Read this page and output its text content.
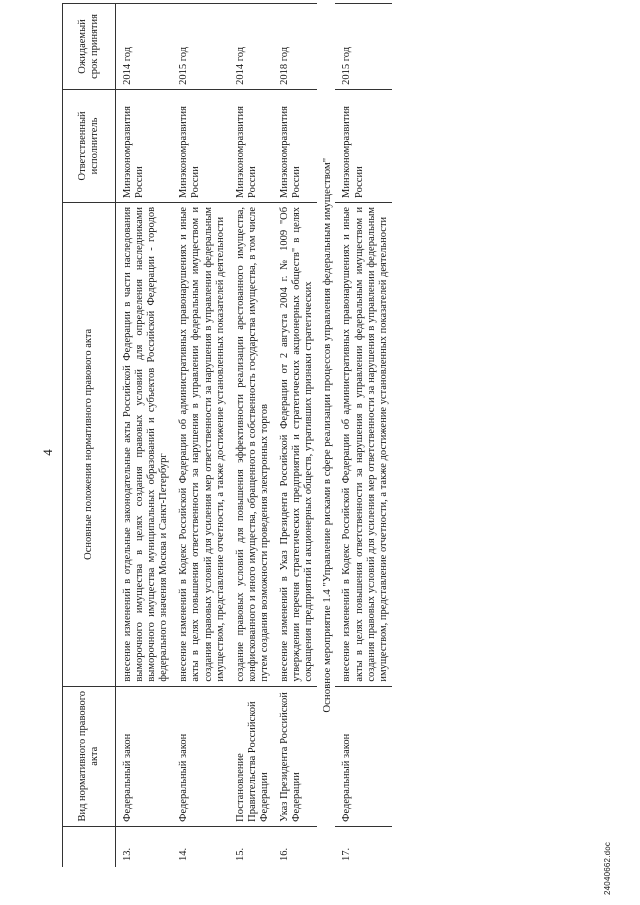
4
	Вид нормативного правового акта	Основные положения нормативного правового акта	Ответственный исполнитель	Ожидаемый срок принятия
13.	Федеральный закон	внесение изменений в отдельные законодательные акты Российской Федерации в части наследования выморочного имущества в целях создания правовых условий для определения наследниками выморочного имущества муниципальных образований и субъектов Российской Федерации - городов федерального значения Москва и Санкт-Петербург	Минэкономразвития России	2014 год
14.	Федеральный закон	внесение изменений в Кодекс Российской Федерации об административных правонарушениях и иные акты в целях повышения ответственности за нарушения в управлении федеральным имуществом и создания правовых условий для усиления мер ответственности за нарушения в управлении федеральным имуществом, представление отчетности, а также достижение установленных показателей деятельности	Минэкономразвития России	2015 год
15.	Постановление Правительства Российской Федерации	создание правовых условий для повышения эффективности реализации арестованного имущества, конфискованного и иного имущества, обращенного в собственность государства имущества, в том числе путем создания возможности проведения электронных торгов	Минэкономразвития России	2014 год
16.	Указ Президента Российской Федерации	внесение изменений в Указ Президента Российской Федерации от 2 августа 2004 г. № 1009 "Об утверждении перечня стратегических предприятий и стратегических акционерных обществ" в целях сокращения предприятий и акционерных обществ, утративших признаки стратегических	Минэкономразвития России	2018 год
Основное мероприятие 1.4 "Управление рисками в сфере реализации процессов управления федеральным имуществом"				
17.	Федеральный закон	внесение изменений в Кодекс Российской Федерации об административных правонарушениях и иные акты в целях повышения ответственности за нарушения в управлении федеральным имуществом и создания правовых условий для усиления мер ответственности за нарушения в управлении федеральным имуществом, представление отчетности, а также достижение установленных показателей деятельности	Минэкономразвития России	2015 год
24040662.doc
